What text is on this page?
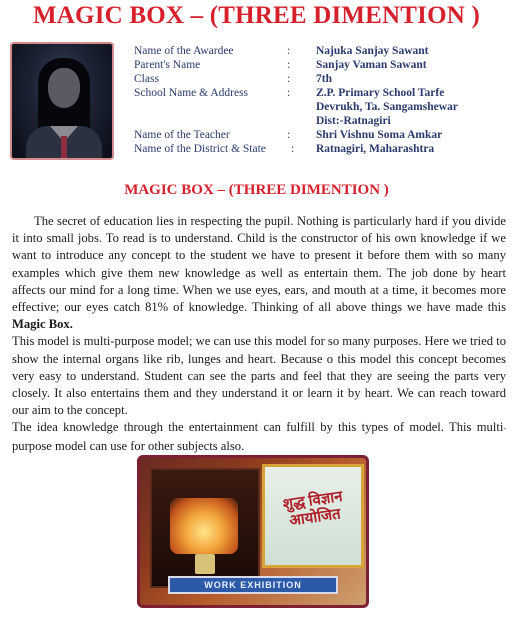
MAGIC BOX – (THREE DIMENTION )
Name of the Awardee	: Najuka Sanjay Sawant
Parent's Name	: Sanjay Vaman Sawant
Class	: 7th
School Name & Address	: Z.P. Primary School Tarfe
Devrukh, Ta. Sangamshewar
Dist:-Ratnagiri
Name of the Teacher	: Shri Vishnu Soma Amkar
Name of the District & State : Ratnagiri, Maharashtra
MAGIC BOX – (THREE DIMENTION )

The secret of education lies in respecting the pupil. Nothing is particularly hard if you divide it into small jobs. To read is to understand. Child is the constructor of his own knowledge if we want to introduce any concept to the student we have to present it before them with so many examples which give them new knowledge as well as entertain them. The job done by heart affects our mind for a long time. When we use eyes, ears, and mouth at a time, it becomes more effective; our eyes catch 81% of knowledge. Thinking of all above things we have made this Magic Box.

This model is multi-purpose model; we can use this model for so many purposes. Here we tried to show the internal organs like rib, lunges and heart. Because o this model this concept becomes very easy to understand. Student can see the parts and feel that they are seeing the parts very closely. It also entertains them and they understand it or learn it by heart. We can reach toward our aim to the concept.

The idea knowledge through the entertainment can fulfill by this types of model. This multi- purpose model can use for other subjects also.

शुद्ध विज्ञान आयोजित
WORK EXHIBITION
